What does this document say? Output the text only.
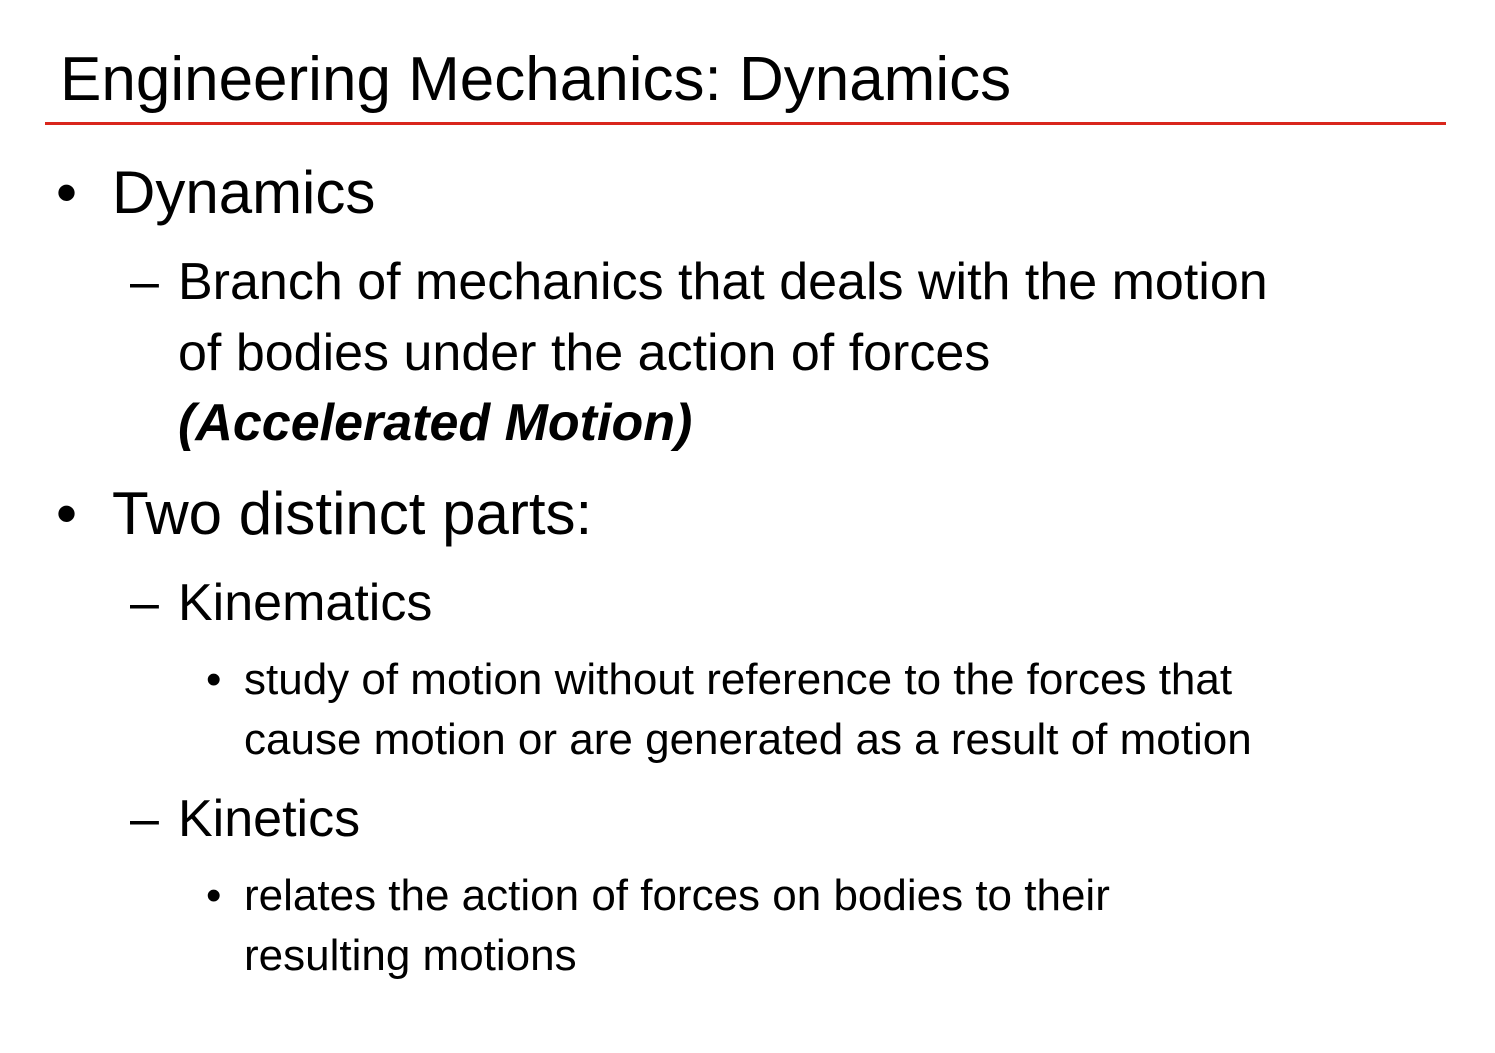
Engineering Mechanics: Dynamics
• Dynamics
– Branch of mechanics that deals with the motion
of bodies under the action of forces
(Accelerated Motion)
• Two distinct parts:
– Kinematics
• study of motion without reference to the forces that
cause motion or are generated as a result of motion
– Kinetics
• relates the action of forces on bodies to their
resulting motions
